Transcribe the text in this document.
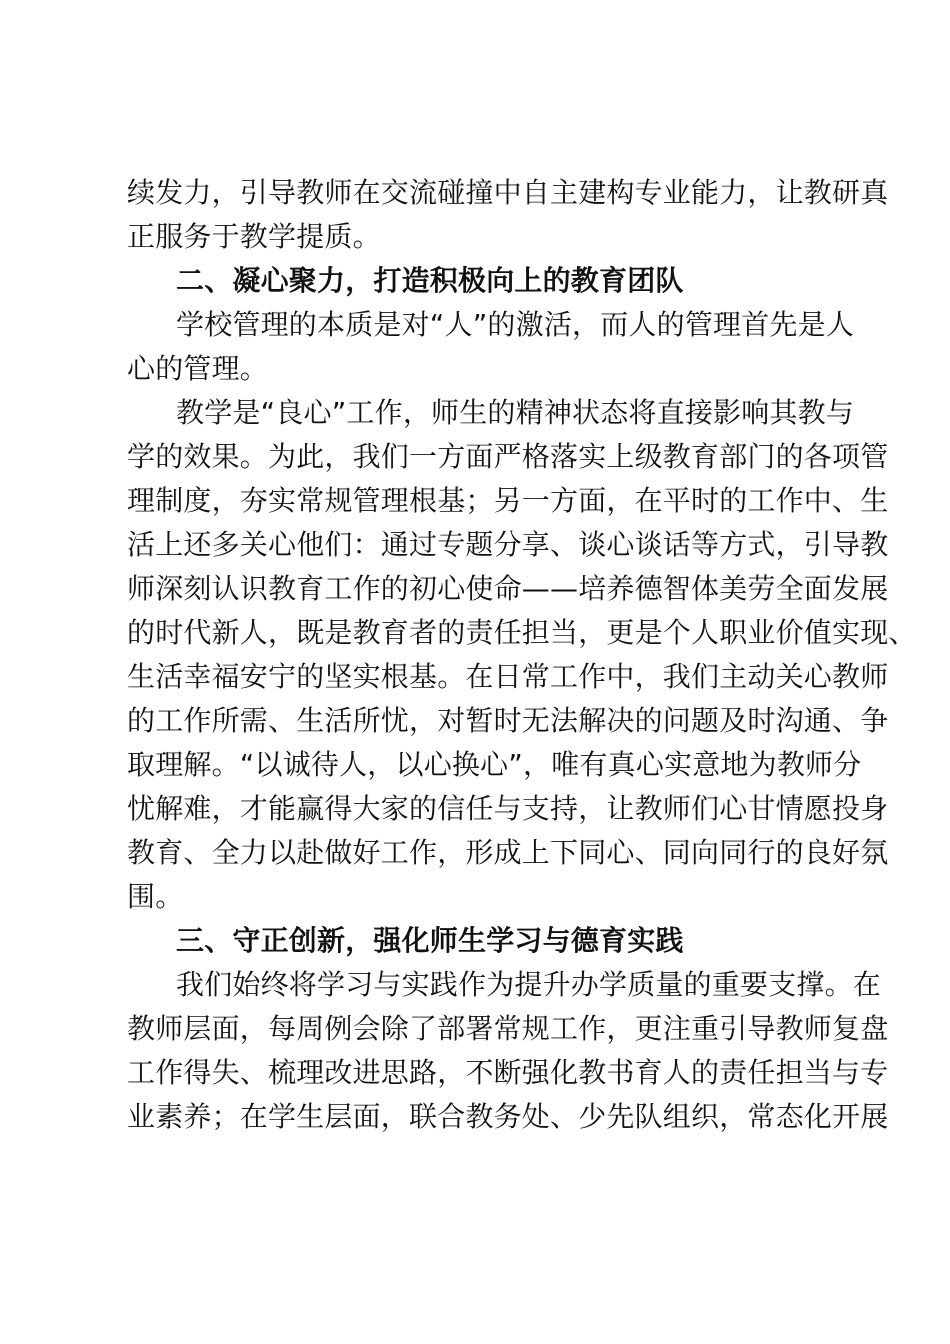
续发力，引导教师在交流碰撞中自主建构专业能力，让教研真
正服务于教学提质。
二、凝心聚力，打造积极向上的教育团队
学校管理的本质是对“人”的激活，而人的管理首先是人
心的管理。
教学是“良心”工作，师生的精神状态将直接影响其教与
学的效果。为此，我们一方面严格落实上级教育部门的各项管
理制度，夯实常规管理根基；另一方面，在平时的工作中、生
活上还多关心他们：通过专题分享、谈心谈话等方式，引导教
师深刻认识教育工作的初心使命——培养德智体美劳全面发展
的时代新人，既是教育者的责任担当，更是个人职业价值实现、
生活幸福安宁的坚实根基。在日常工作中，我们主动关心教师
的工作所需、生活所忧，对暂时无法解决的问题及时沟通、争
取理解。“以诚待人，以心换心”，唯有真心实意地为教师分
忧解难，才能赢得大家的信任与支持，让教师们心甘情愿投身
教育、全力以赴做好工作，形成上下同心、同向同行的良好氛
围。
三、守正创新，强化师生学习与德育实践
我们始终将学习与实践作为提升办学质量的重要支撑。在
教师层面，每周例会除了部署常规工作，更注重引导教师复盘
工作得失、梳理改进思路，不断强化教书育人的责任担当与专
业素养；在学生层面，联合教务处、少先队组织，常态化开展
